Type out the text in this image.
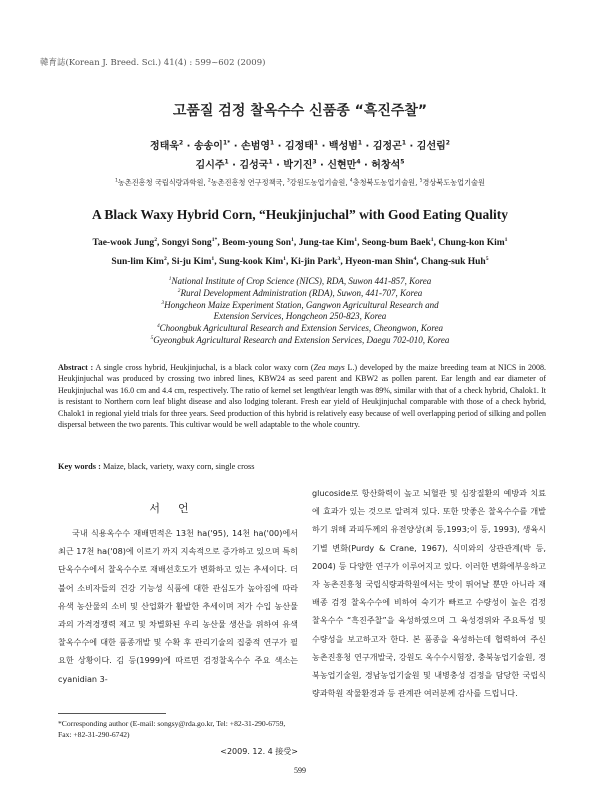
韓育誌(Korean J. Breed. Sci.) 41(4) : 599~602 (2009)
고품질 검정 찰옥수수 신품종 “흑진주찰”
정태욱$^2$ · 송송이$^{1*}$ · 손범영$^1$ · 김정태$^1$ · 백성범$^1$ · 김정곤$^1$ · 김선림$^2$
김시주$^1$ · 김성국$^1$ · 박기진$^3$ · 신현만$^4$ · 허창석$^5$
$^1$농촌진흥청 국립식량과학원, $^2$농촌진흥청 연구정책국, $^3$강원도농업기술원, $^4$충청북도농업기술원, $^5$경상북도농업기술원
A Black Waxy Hybrid Corn, “Heukjinjuchal” with Good Eating Quality
Tae-wook Jung$^2$, Songyi Song$^{1*}$, Beom-young Son$^1$, Jung-tae Kim$^1$, Seong-bum Baek$^1$, Chung-kon Kim$^1$
Sun-lim Kim$^2$, Si-ju Kim$^1$, Sung-kook Kim$^1$, Ki-jin Park$^3$, Hyeon-man Shin$^4$, Chang-suk Huh$^5$
$^1$National Institute of Crop Science (NICS), RDA, Suwon 441-857, Korea
$^2$Rural Development Administration (RDA), Suwon, 441-707, Korea
$^3$Hongcheon Maize Experiment Station, Gangwon Agricultural Research and
Extension Services, Hongcheon 250-823, Korea
$^4$Choongbuk Agricultural Research and Extension Services, Cheongwon, Korea
$^5$Gyeongbuk Agricultural Research and Extension Services, Daegu 702-010, Korea
Abstract : A single cross hybrid, Heukjinjuchal, is a black color waxy corn (Zea mays L.) developed by the maize breeding team at NICS in 2008. Heukjinjuchal was produced by crossing two inbred lines, KBW24 as seed parent and KBW2 as pollen parent. Ear length and ear diameter of Heukjinjuchal was 16.0 cm and 4.4 cm, respectively. The ratio of kernel set length/ear length was 89%, similar with that of a check hybrid, Chalok1. It is resistant to Northern corn leaf blight disease and also lodging tolerant. Fresh ear yield of Heukjinjuchal comparable with those of a check hybrid, Chalok1 in regional yield trials for three years. Seed production of this hybrid is relatively easy because of well overlapping period of silking and pollen dispersal between the two parents. This cultivar would be well adaptable to the whole country.
Key words : Maize, black, variety, waxy corn, single cross
서언
국내 식용옥수수 재배면적은 13천 ha('95), 14천 ha('00)에서 최근 17천 ha('08)에 이르기 까지 지속적으로 증가하고 있으며 특히 단옥수수에서 찰옥수수로 재배선호도가 변화하고 있는 추세이다. 더불어 소비자들의 건강 기능성 식품에 대한 관심도가 높아짐에 따라 유색 농산물의 소비 및 산업화가 활발한 추세이며 저가 수입 농산물과의 가격경쟁력 제고 및 차별화된 우리 농산물 생산을 위하여 유색 찰옥수수에 대한 품종개발 및 수확 후 관리기술의 집중적 연구가 필요한 상황이다. 김 등(1999)에 따르면 검정찰옥수수 주요 색소는 cyanidian 3-
glucoside로 항산화력이 높고 뇌혈관 및 심장질환의 예방과 치료에 효과가 있는 것으로 알려져 있다. 또한 맛좋은 찰옥수수를 개발하기 위해 과피두께의 유전양상(최 등,1993;이 등, 1993), 생육시기별 변화(Purdy & Crane, 1967), 식미와의 상관관계(박 등, 2004) 등 다양한 연구가 이루어지고 있다. 이러한 변화에부응하고자 농촌진흥청 국립식량과학원에서는 맛이 뛰어날 뿐만 아니라 재배종 검정 찰옥수수에 비하여 숙기가 빠르고 수량성이 높은 검정 찰옥수수 “흑진주찰”을 육성하였으며 그 육성경위와 주요특성 및 수량성을 보고하고자 한다. 본 품종을 육성하는데 협력하여 주신 농촌진흥청 연구개발국, 강원도 옥수수시험장, 충북농업기술원, 경북농업기술원, 경남농업기술원 및 내병충성 검정을 담당한 국립식량과학원 작물환경과 등 관계관 여러분께 감사를 드립니다.
*Corresponding author (E-mail: songsy@rda.go.kr, Tel: +82-31-290-6759, Fax: +82-31-290-6742)
<2009. 12. 4 接受>
599
